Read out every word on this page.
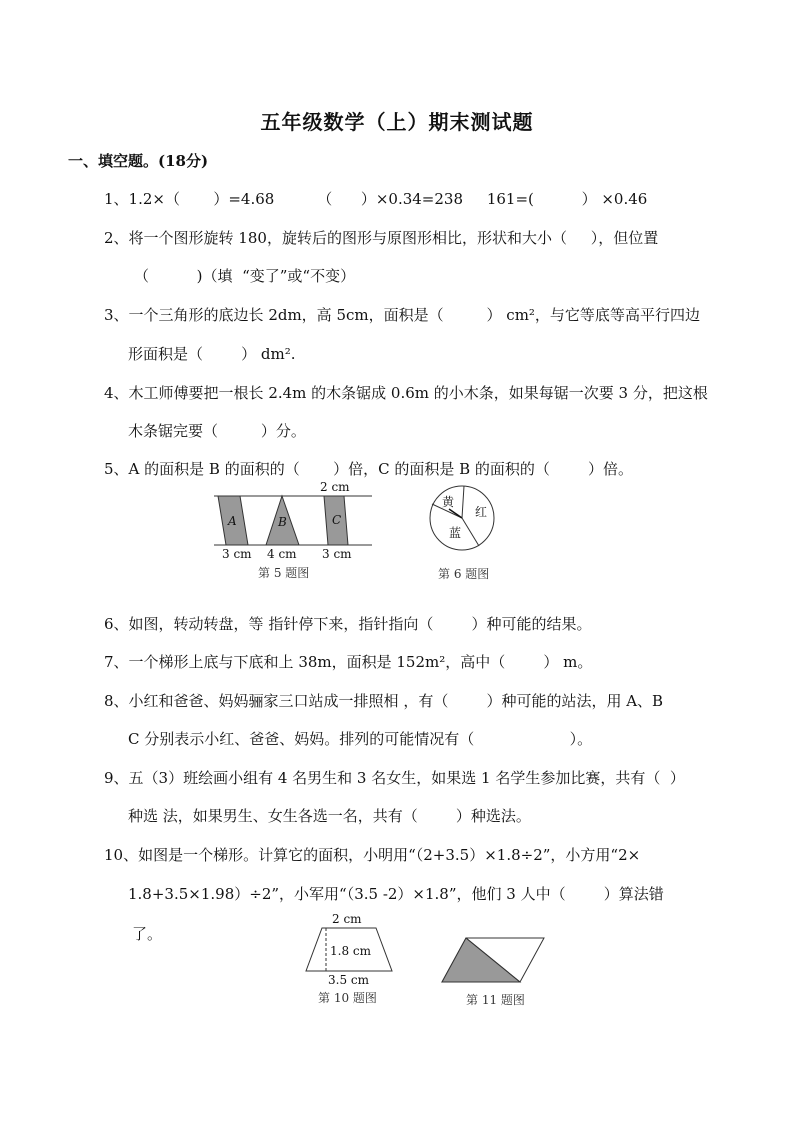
五年级数学（上）期末测试题
一、填空题。(18分)
1、1.2×（       ）=4.68         （      ）×0.34=238     161=(          ） ×0.46
2、将一个图形旋转 180，旋转后的图形与原图形相比，形状和大小（     ），但位置
（          )（填  “变了”或“不变）
3、一个三角形的底边长 2dm，高 5cm，面积是（         ） cm²，与它等底等高平行四边
形面积是（        ） dm².
4、木工师傅要把一根长 2.4m 的木条锯成 0.6m 的小木条，如果每锯一次要 3 分，把这根
木条锯完要（         ）分。
5、A 的面积是 B 的面积的（       ）倍，C 的面积是 B 的面积的（        ）倍。
2 cm
A	B	C
3 cm 4 cm 3 cm
第 5 题图
黄
红
蓝
第 6 题图
6、如图，转动转盘，等 指针停下来，指针指向（        ）种可能的结果。
7、一个梯形上底与下底和上 38m，面积是 152m²，高中（        ） m。
8、小红和爸爸、妈妈骊家三口站成一排照相 ，有（        ）种可能的站法，用 A、B
C 分别表示小红、爸爸、妈妈。排列的可能情况有（                    ）。
9、五（3）班绘画小组有 4 名男生和 3 名女生，如果选 1 名学生参加比赛，共有（  ）
种选 法，如果男生、女生各选一名，共有（        ）种选法。
10、如图是一个梯形。计算它的面积，小明用“（2+3.5）×1.8÷2”，小方用“2×
1.8+3.5×1.98）÷2”，小军用“（3.5 -2）×1.8”，他们 3 人中（        ）算法错
了。
2 cm
1.8 cm
3.5 cm
第 10 题图	第 11 题图
